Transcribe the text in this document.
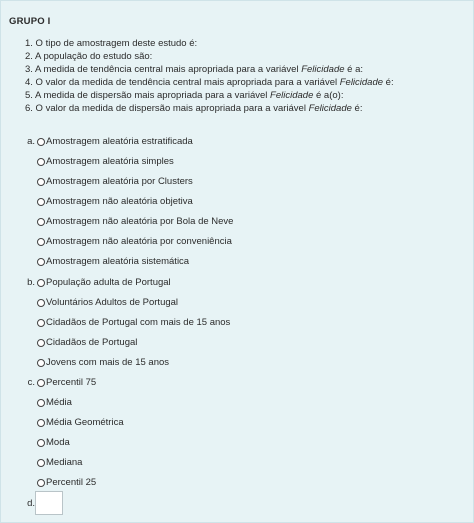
GRUPO I
1. O tipo de amostragem deste estudo é:
2. A população do estudo são:
3. A medida de tendência central mais apropriada para a variável Felicidade é a:
4. O valor da medida de tendência central mais apropriada para a variável Felicidade é:
5. A medida de dispersão mais apropriada para a variável Felicidade é a(o):
6. O valor da medida de dispersão mais apropriada para a variável Felicidade é:
a. Amostragem aleatória estratificada
Amostragem aleatória simples
Amostragem aleatória por Clusters
Amostragem não aleatória objetiva
Amostragem não aleatória por Bola de Neve
Amostragem não aleatória por conveniência
Amostragem aleatória sistemática
b. População adulta de Portugal
Voluntários Adultos de Portugal
Cidadãos de Portugal com mais de 15 anos
Cidadãos de Portugal
Jovens com mais de 15 anos
c. Percentil 75
Média
Média Geométrica
Moda
Mediana
Percentil 25
d.
